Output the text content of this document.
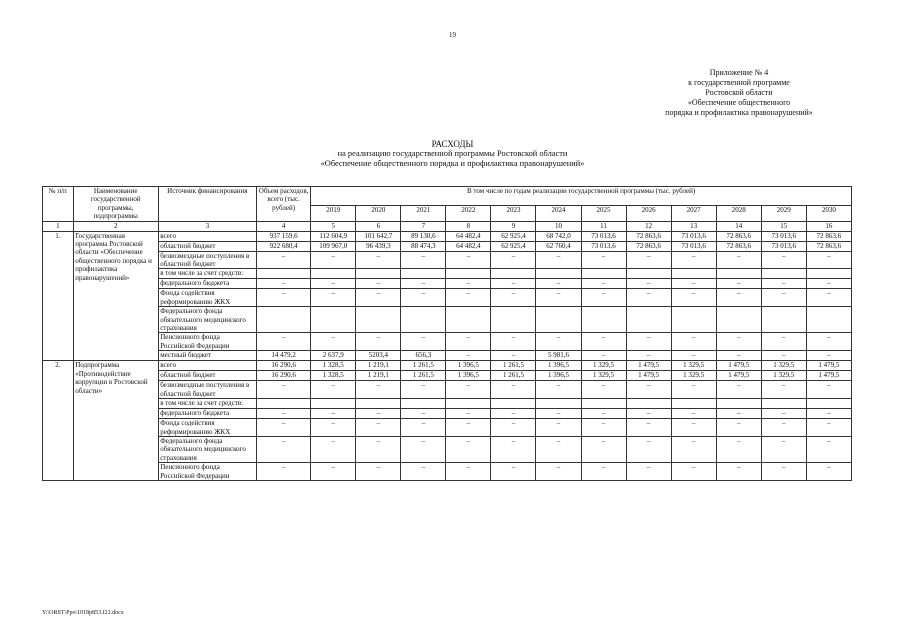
19
Приложение № 4
к государственной программе
Ростовской области
«Обеспечение общественного
порядка и профилактика правонарушений»
РАСХОДЫ
на реализацию государственной программы Ростовской области
«Обеспечение общественного порядка и профилактика правонарушений»
№ п/п	Наименование государственной программы, подпрограммы	Источник финансирования	Объем расходов, всего (тыс. рублей)	В том числе по годам реализации государственной программы (тыс. рублей)											
				2019	2020	2021	2022	2023	2024	2025	2026	2027	2028	2029	2030
1	2	3	4	5	6	7	8	9	10	11	12	13	14	15	16
1.	Государственная программа Ростовской области «Обеспечение общественного порядка и профилактика правонарушений»	всего	937 159,6	112 604,9	101 642,7	89 130,6	64 482,4	62 925,4	68 742,0	73 013,6	72 863,6	73 013,6	72 863,6	73 013,6	72 863,6
		областной бюджет	922 680,4	109 967,0	96 439,3	88 474,3	64 482,4	62 925,4	62 760,4	73 013,6	72 863,6	73 013,6	72 863,6	73 013,6	72 863,6
		безвозмездные поступления в областной бюджет	–	–	–	–	–	–	–	–	–	–	–	–	–
		в том числе за счет средств:													
		федерального бюджета	–	–	–	–	–	–	–	–	–	–	–	–	–
		Фонда содействия реформированию ЖКХ	–	–	–	–	–	–	–	–	–	–	–	–	–
		Федерального фонда обязательного медицинского страхования													
		Пенсионного фонда Российской Федерации	–	–	–	–	–	–	–	–	–	–	–	–	–
		местный бюджет	14 479,2	2 637,9	5203,4	656,3	–	–	5 981,6	–	–	–	–	–	–
2.	Подпрограмма «Противодействие коррупции в Ростовской области»	всего	16 290,6	1 328,5	1 219,1	1 261,5	1 396,5	1 261,5	1 396,5	1 329,5	1 479,5	1 329,5	1 479,5	1 329,5	1 479,5
		областной бюджет	16 290,6	1 328,5	1 219,1	1 261,5	1 396,5	1 261,5	1 396,5	1 329,5	1 479,5	1 329,5	1 479,5	1 329,5	1 479,5
		безвозмездные поступления в областной бюджет	–	–	–	–	–	–	–	–	–	–	–	–	–
		в том числе за счет средств:													
		федерального бюджета	–	–	–	–	–	–	–	–	–	–	–	–	–
		Фонда содействия реформированию ЖКХ	–	–	–	–	–	–	–	–	–	–	–	–	–
		Федерального фонда обязательного медицинского страхования	–	–	–	–	–	–	–	–	–	–	–	–	–
		Пенсионного фонда Российской Федерации	–	–	–	–	–	–	–	–	–	–	–	–	–
Y:\ORST\Ppo\1018p853.f21.docx
